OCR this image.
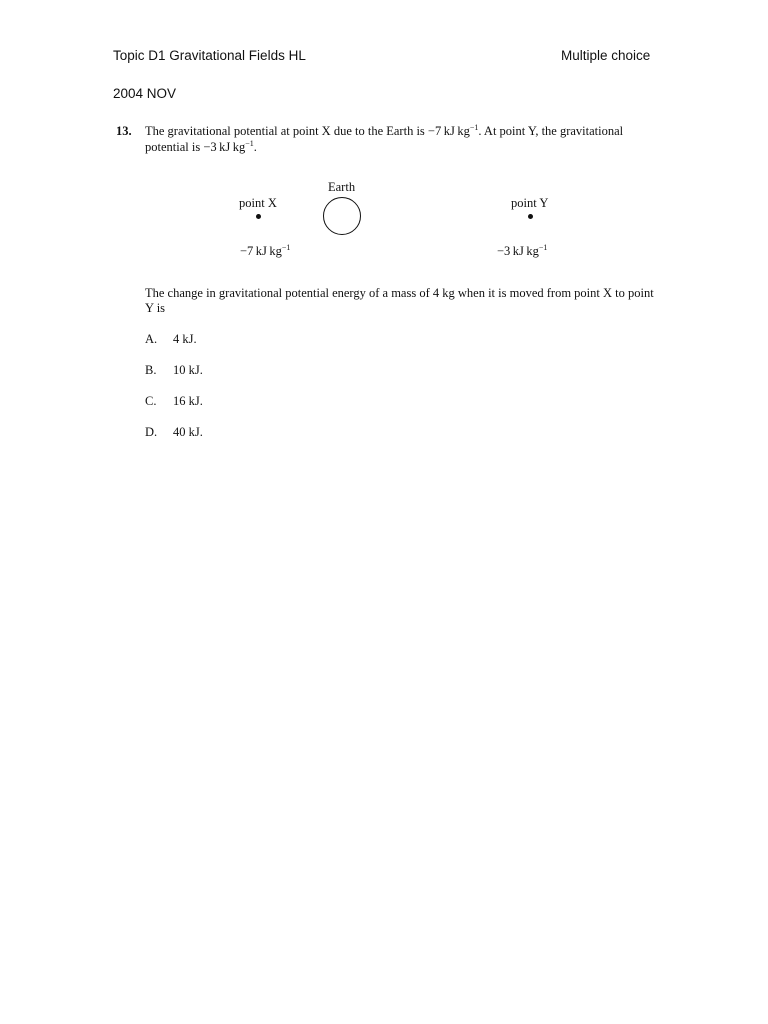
Topic D1 Gravitational Fields HL	Multiple choice
2004 NOV
13. The gravitational potential at point X due to the Earth is −7 kJ $kg^{-1}$. At point Y, the gravitational
potential is −3 kJ $kg^{-1}$.
Earth
point X	point Y
−7 kJ $kg^{-1}$	−3 kJ $kg^{-1}$
The change in gravitational potential energy of a mass of 4 kg when it is moved from point X to point
Y is
A. 4 kJ.
B. 10 kJ.
C. 16 kJ.
D. 40 kJ.
